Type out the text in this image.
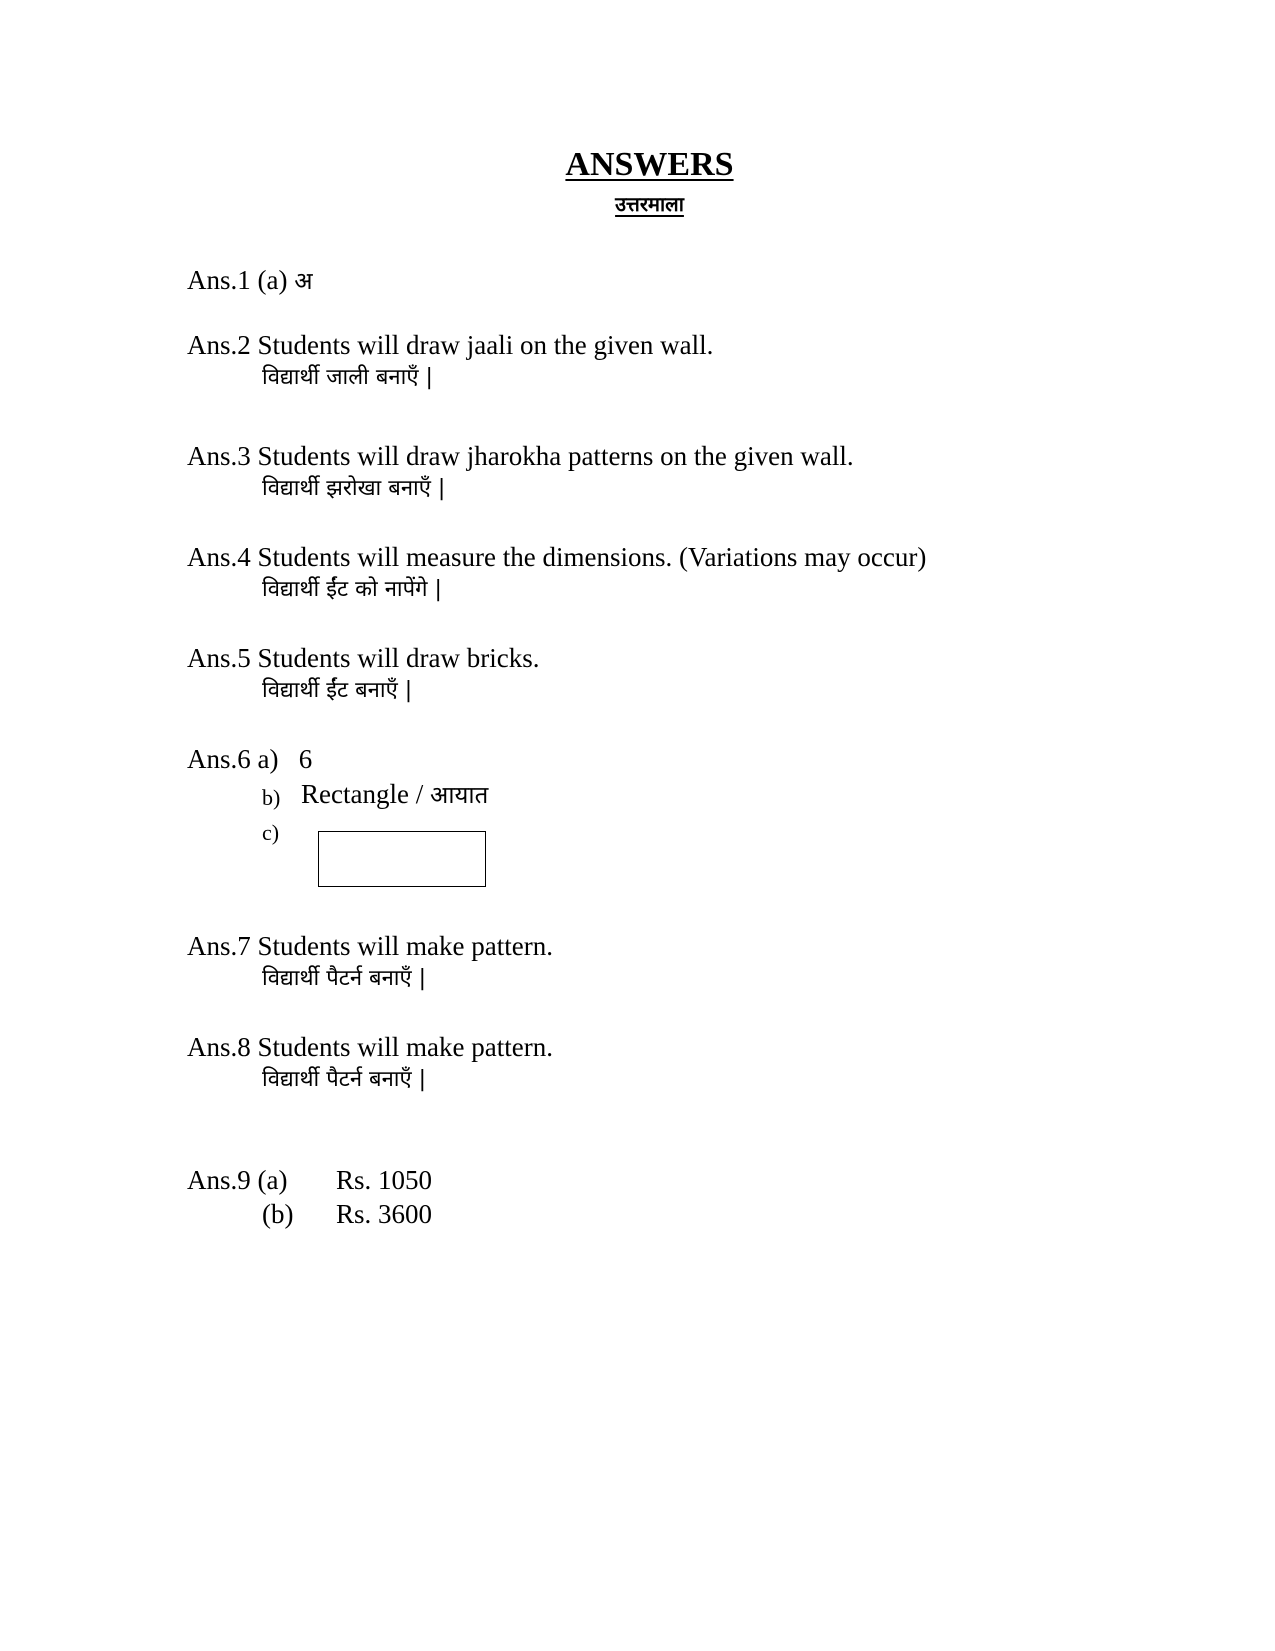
ANSWERS
उत्तरमाला
Ans.1 (a) अ
Ans.2 Students will draw jaali on the given wall.
विद्यार्थी जाली बनाएँ |
Ans.3 Students will draw jharokha patterns on the given wall.
विद्यार्थी झरोखा बनाएँ |
Ans.4 Students will measure the dimensions. (Variations may occur)
विद्यार्थी ईंट को नापेंगे |
Ans.5 Students will draw bricks.
विद्यार्थी ईंट बनाएँ |
Ans.6 a) 6
b) Rectangle / आयात
c)
Ans.7 Students will make pattern.
विद्यार्थी पैटर्न बनाएँ |
Ans.8 Students will make pattern.
विद्यार्थी पैटर्न बनाएँ |
Ans.9 (a) Rs. 1050
(b) Rs. 3600
